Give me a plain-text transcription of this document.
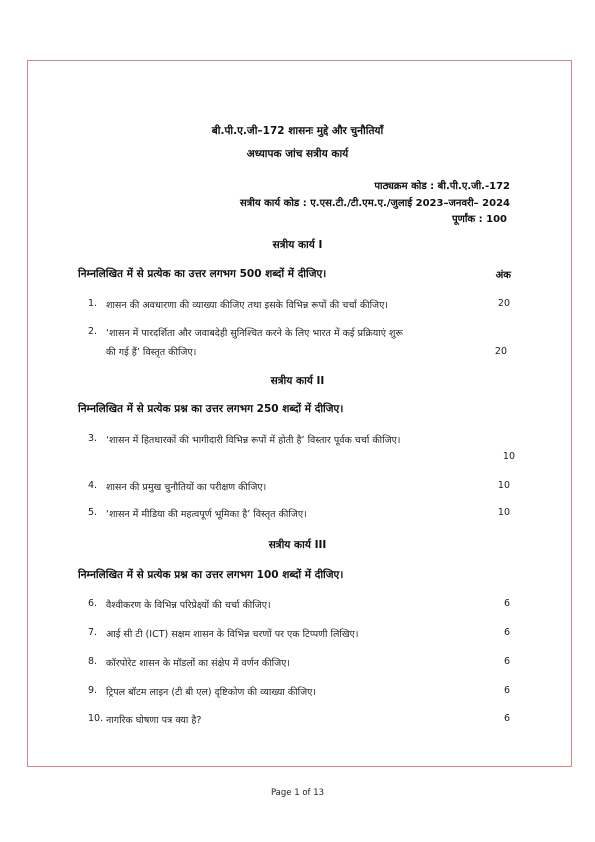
बी.पी.ए.जी–172 शासनः मुद्दे और चुनौतियाँ
अध्यापक जांच सत्रीय कार्य
पाठ्यक्रम कोड : बी.पी.ए.जी.-172
सत्रीय कार्य कोड : ए.एस.टी./टी.एम.ए./जुलाई 2023–जनवरी– 2024
पूर्णांक : 100
सत्रीय कार्य I
निम्नलिखित में से प्रत्येक का उत्तर लगभग 500 शब्दों में दीजिए।	अंक
1. शासन की अवधारणा की व्याख्या कीजिए तथा इसके विभिन्न रूपों की चर्चा कीजिए।	20
2. ‘शासन में पारदर्शिता और जवाबदेही सुनिश्चित करने के लिए भारत में कई प्रक्रियाएं शुरू
की गई हैं’ विस्तृत कीजिए।	20
सत्रीय कार्य II
निम्नलिखित में से प्रत्येक प्रश्न का उत्तर लगभग 250 शब्दों में दीजिए।
3. ‘शासन में हितधारकों की भागीदारी विभिन्न रूपों में होती है’ विस्तार पूर्वक चर्चा कीजिए।
10
4. शासन की प्रमुख चुनौतियों का परीक्षण कीजिए।	10
5. ‘शासन में मीडिया की महत्वपूर्ण भूमिका है’ विस्तृत कीजिए।	10
सत्रीय कार्य III
निम्नलिखित में से प्रत्येक प्रश्न का उत्तर लगभग 100 शब्दों में दीजिए।
6. वैश्वीकरण के विभिन्न परिप्रेक्ष्यों की चर्चा कीजिए।	6
7. आई सी टी (ICT) सक्षम शासन के विभिन्न चरणों पर एक टिप्पणी लिखिए।	6
8. कॉरपोरेट शासन के मॉडलों का संक्षेप में वर्णन कीजिए।	6
9. ट्रिपल बॉटम लाइन (टी बी एल) दृष्टिकोण की व्याख्या कीजिए।	6
10. नागरिक घोषणा पत्र क्या है?	6
Page 1 of 13
